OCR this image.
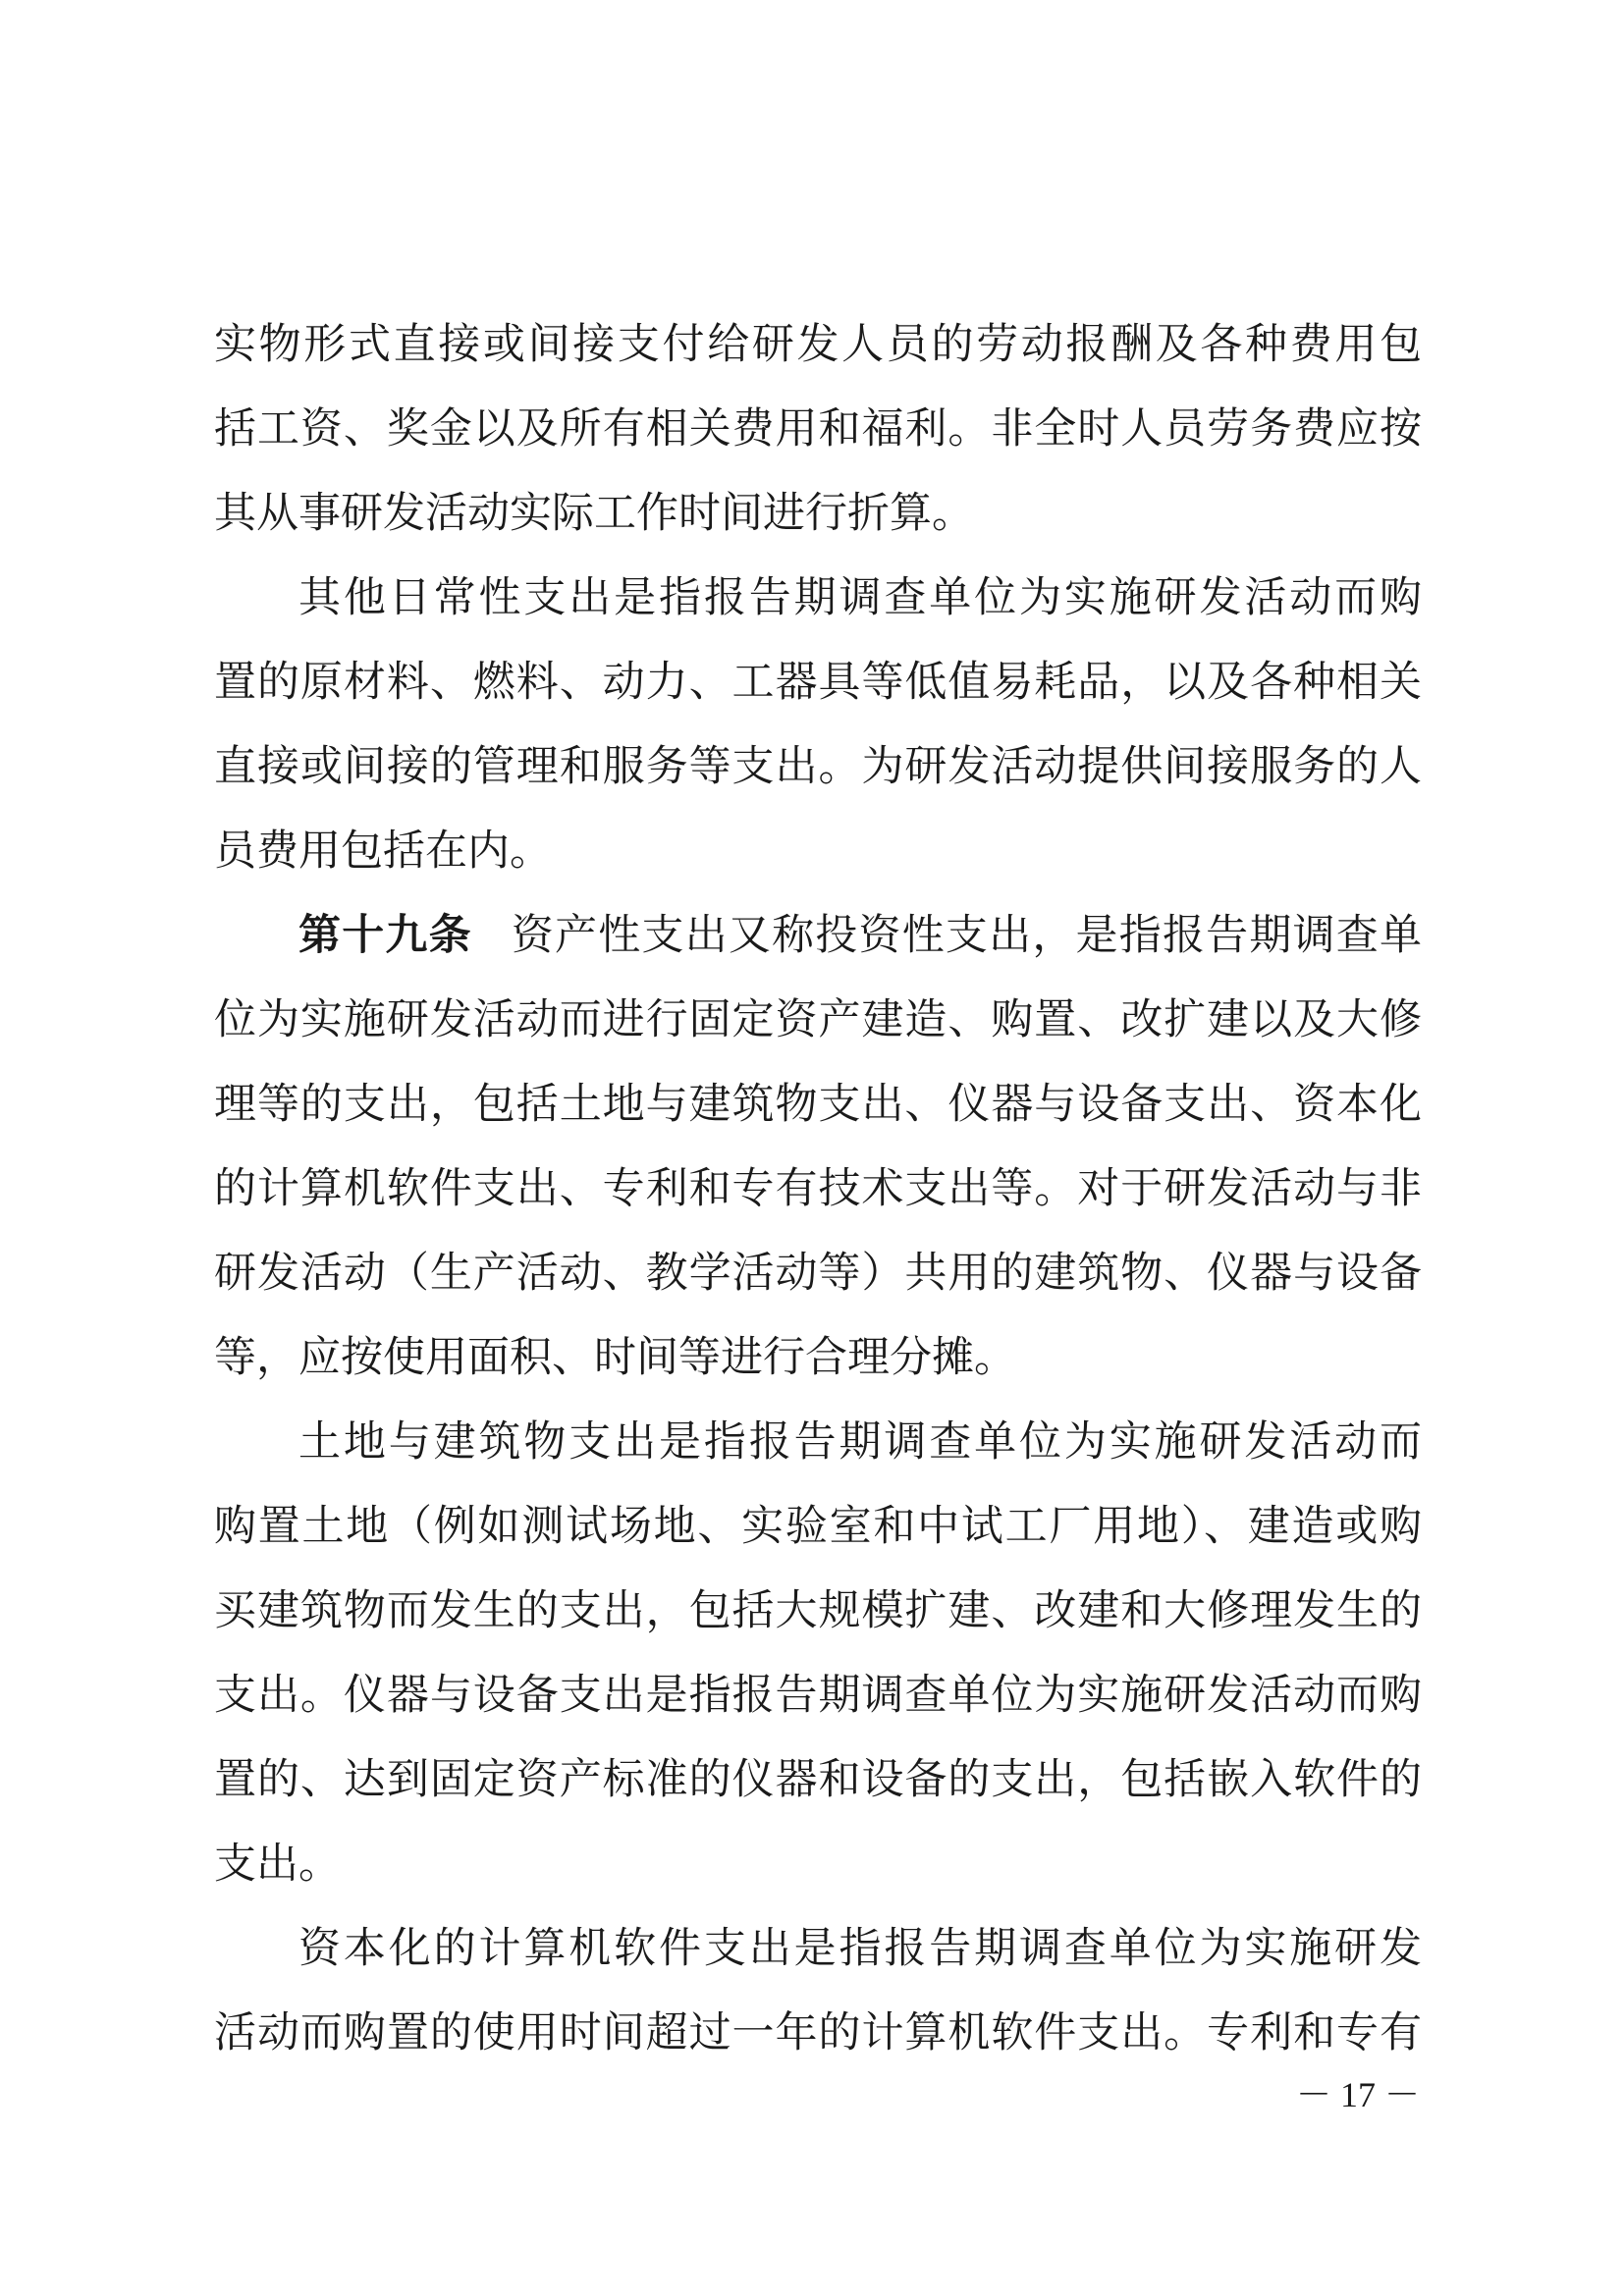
实物形式直接或间接支付给研发人员的劳动报酬及各种费用包
括工资、奖金以及所有相关费用和福利。非全时人员劳务费应按
其从事研发活动实际工作时间进行折算。
其他日常性支出是指报告期调查单位为实施研发活动而购
置的原材料、燃料、动力、工器具等低值易耗品，以及各种相关
直接或间接的管理和服务等支出。为研发活动提供间接服务的人
员费用包括在内。
第十九条 资产性支出又称投资性支出，是指报告期调查单
位为实施研发活动而进行固定资产建造、购置、改扩建以及大修
理等的支出，包括土地与建筑物支出、仪器与设备支出、资本化
的计算机软件支出、专利和专有技术支出等。对于研发活动与非
研发活动（生产活动、教学活动等）共用的建筑物、仪器与设备
等，应按使用面积、时间等进行合理分摊。
土地与建筑物支出是指报告期调查单位为实施研发活动而
购置土地（例如测试场地、实验室和中试工厂用地）、建造或购
买建筑物而发生的支出，包括大规模扩建、改建和大修理发生的
支出。仪器与设备支出是指报告期调查单位为实施研发活动而购
置的、达到固定资产标准的仪器和设备的支出，包括嵌入软件的
支出。
资本化的计算机软件支出是指报告期调查单位为实施研发
活动而购置的使用时间超过一年的计算机软件支出。专利和专有
－ 17 －
